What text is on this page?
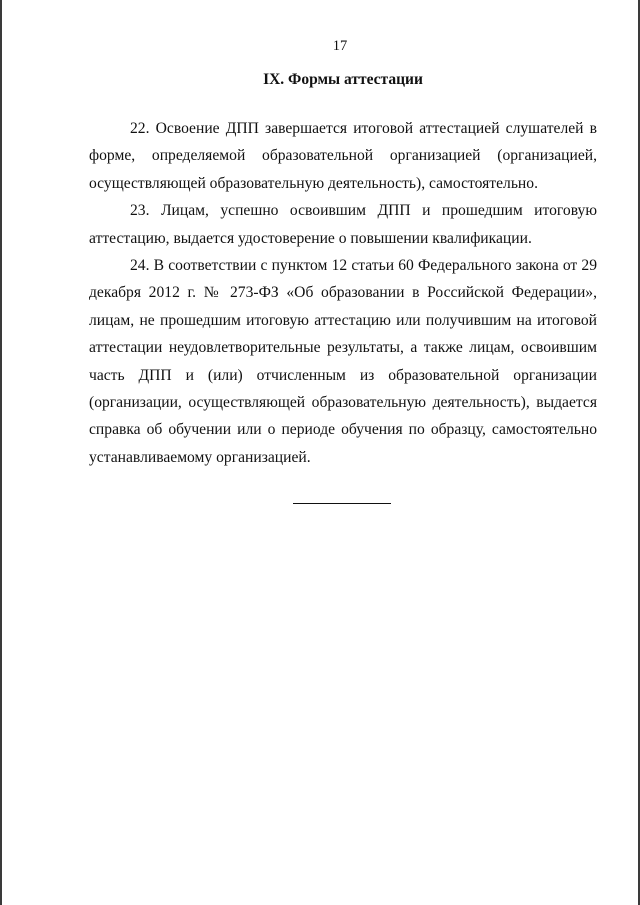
17
IX. Формы аттестации

22. Освоение ДПП завершается итоговой аттестацией слушателей в форме, определяемой образовательной организацией (организацией, осуществляющей образовательную деятельность), самостоятельно.

23. Лицам, успешно освоившим ДПП и прошедшим итоговую аттестацию, выдается удостоверение о повышении квалификации.

24. В соответствии с пунктом 12 статьи 60 Федерального закона от 29 декабря 2012 г. № 273-ФЗ «Об образовании в Российской Федерации», лицам, не прошедшим итоговую аттестацию или получившим на итоговой аттестации неудовлетворительные результаты, а также лицам, освоившим часть ДПП и (или) отчисленным из образовательной организации (организации, осуществляющей образовательную деятельность), выдается справка об обучении или о периоде обучения по образцу, самостоятельно устанавливаемому организацией.
